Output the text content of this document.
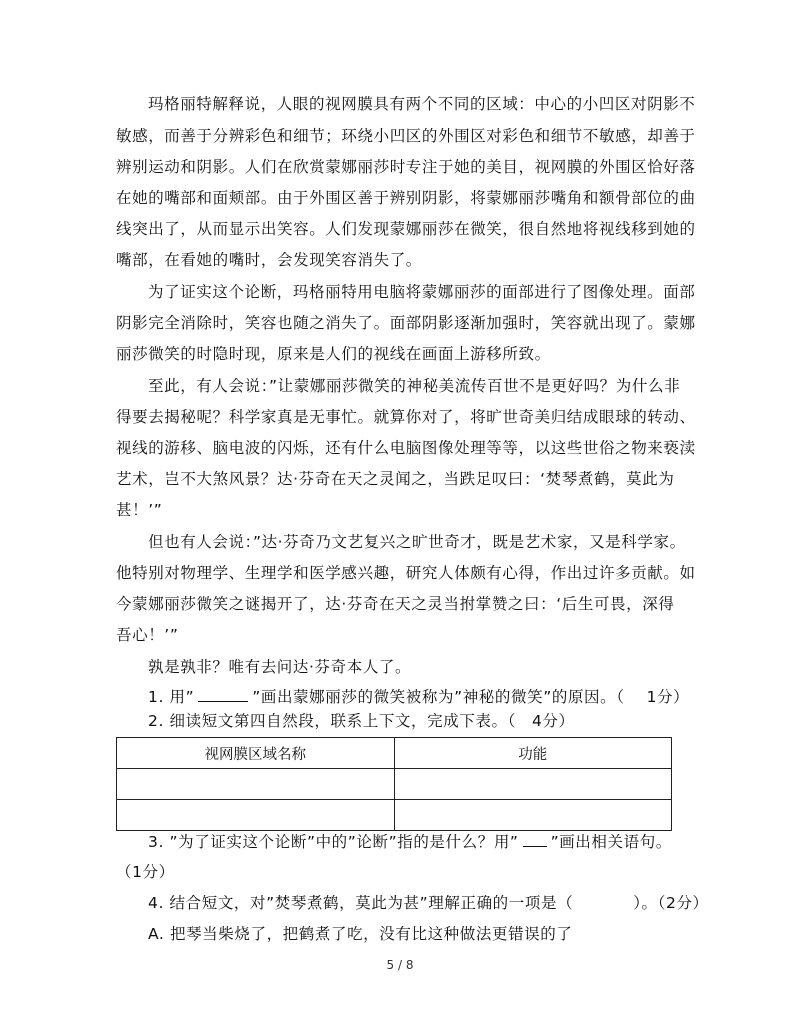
玛格丽特解释说，人眼的视网膜具有两个不同的区域：中心的小凹区对阴影不
敏感，而善于分辨彩色和细节；环绕小凹区的外围区对彩色和细节不敏感，却善于
辨别运动和阴影。人们在欣赏蒙娜丽莎时专注于她的美目，视网膜的外围区恰好落
在她的嘴部和面颊部。由于外围区善于辨别阴影，将蒙娜丽莎嘴角和额骨部位的曲
线突出了，从而显示出笑容。人们发现蒙娜丽莎在微笑，很自然地将视线移到她的
嘴部，在看她的嘴时，会发现笑容消失了。
为了证实这个论断，玛格丽特用电脑将蒙娜丽莎的面部进行了图像处理。面部
阴影完全消除时，笑容也随之消失了。面部阴影逐渐加强时，笑容就出现了。蒙娜
丽莎微笑的时隐时现，原来是人们的视线在画面上游移所致。
至此，有人会说：”让蒙娜丽莎微笑的神秘美流传百世不是更好吗？为什么非
得要去揭秘呢？科学家真是无事忙。就算你对了，将旷世奇美归结成眼球的转动、
视线的游移、脑电波的闪烁，还有什么电脑图像处理等等，以这些世俗之物来亵渎
艺术，岂不大煞风景？达·芬奇在天之灵闻之，当跌足叹曰：‘焚琴煮鹤，莫此为
甚！’”
但也有人会说：”达·芬奇乃文艺复兴之旷世奇才，既是艺术家，又是科学家。
他特别对物理学、生理学和医学感兴趣，研究人体颇有心得，作出过许多贡献。如
今蒙娜丽莎微笑之谜揭开了，达·芬奇在天之灵当拊掌赞之曰：‘后生可畏，深得
吾心！’”
孰是孰非？唯有去问达·芬奇本人了。
1. 用”	”画出蒙娜丽莎的微笑被称为”神秘的微笑”的原因。（ 1分）
2. 细读短文第四自然段，联系上下文，完成下表。（ 4分）
视网膜区域名称	功能

3. ”为了证实这个论断”中的”论断”指的是什么？用” ”画出相关语句。
（1分）
4. 结合短文，对”焚琴煮鹤，莫此为甚”理解正确的一项是（	）。（2分）
A. 把琴当柴烧了，把鹤煮了吃，没有比这种做法更错误的了
5 / 8
